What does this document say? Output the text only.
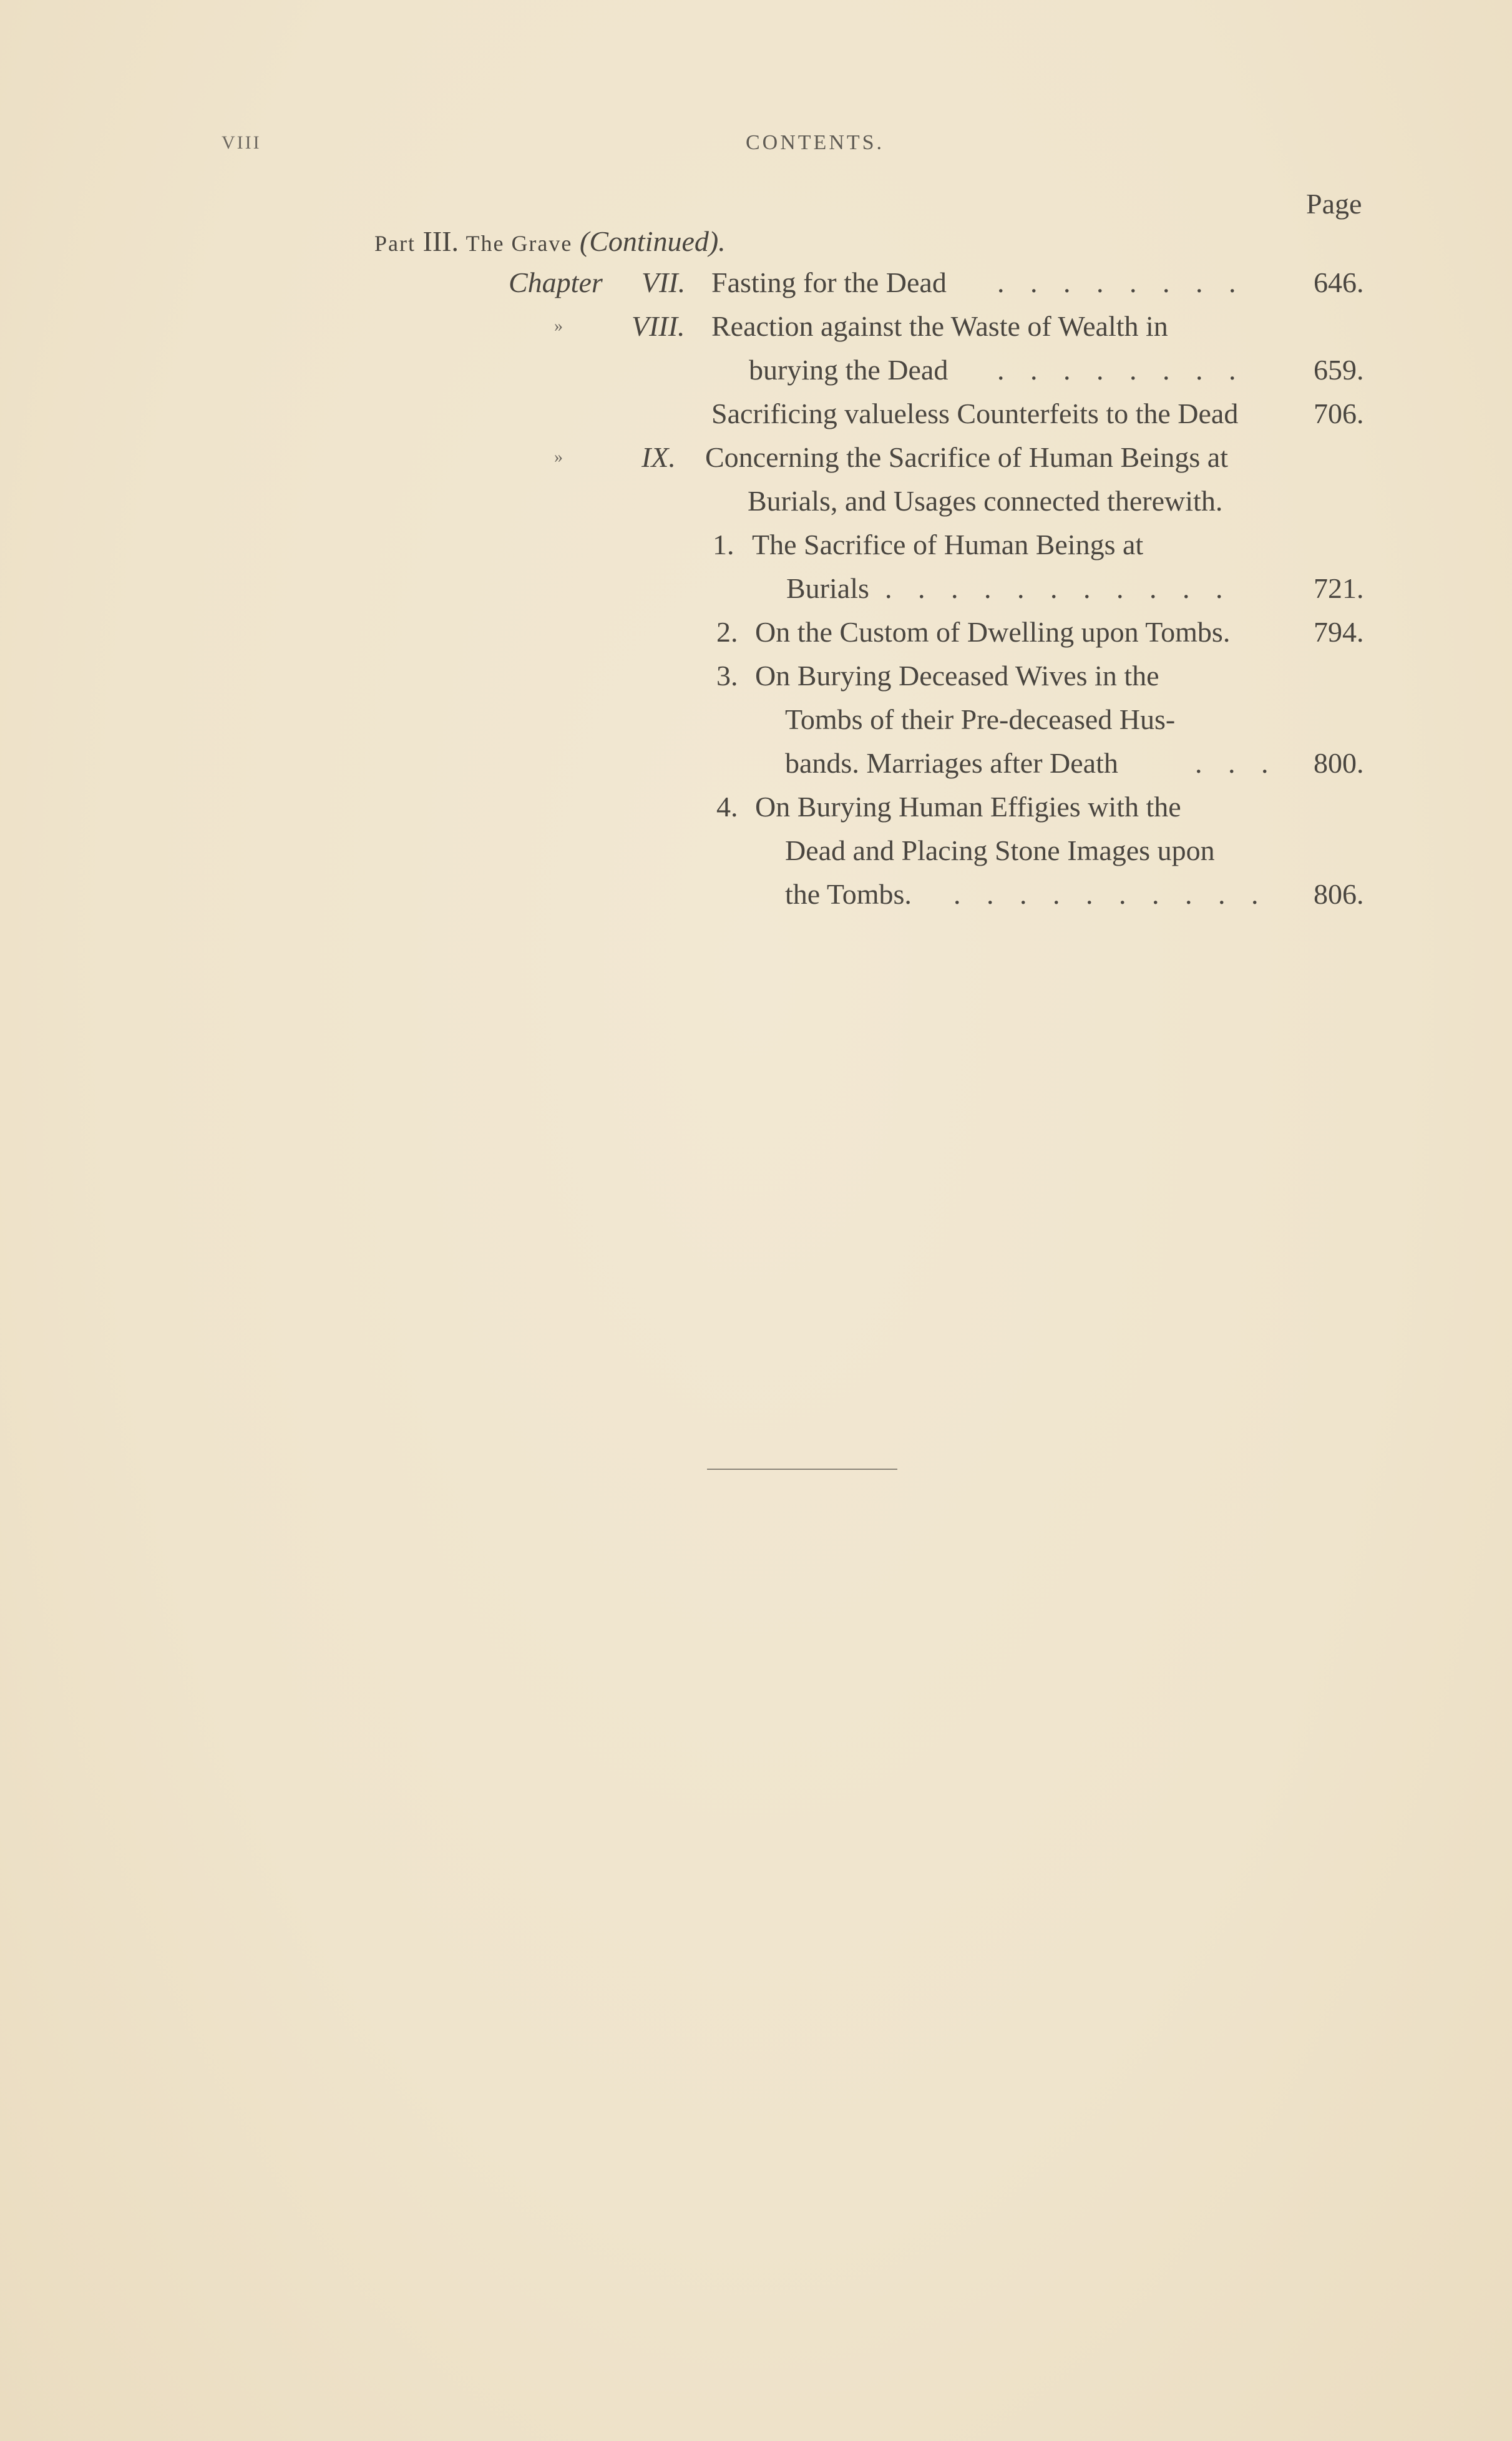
VIII	CONTENTS.
Page
Part III. The Grave (Continued).
Chapter VII. Fasting for the Dead . . . . . . . . 646.
» VIII. Reaction against the Waste of Wealth in
burying the Dead . . . . . . . . 659.
Sacrificing valueless Counterfeits to the Dead	706.
»	IX. Concerning the Sacrifice of Human Beings at
Burials, and Usages connected therewith.
1. The Sacrifice of Human Beings at
Burials . . . . . . . . . . .	721.
2. On the Custom of Dwelling upon Tombs.	794.
3. On Burying Deceased Wives in the
Tombs of their Pre-deceased Hus-
bands. Marriages after Death	. . . 800.
4. On Burying Human Effigies with the
Dead and Placing Stone Images upon
the Tombs. . . . . . . . . . . 806.
